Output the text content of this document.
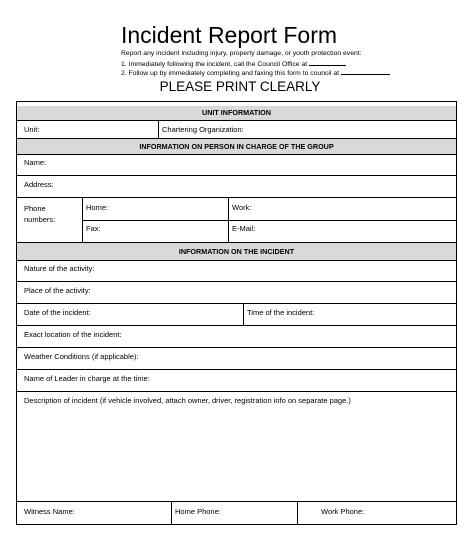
Incident Report Form
Report any incident including injury, property damage, or youth protection event:
1. Immediately following the incident, call the Council Office at
2. Follow up by immediately completing and faxing this form to council at
PLEASE PRINT CLEARLY
UNIT INFORMATION
Unit:	Chartering Organization:
INFORMATION ON PERSON IN CHARGE OF THE GROUP
Name:
Address:
Phone numbers:
Home:	Work:
Fax:	E-Mail:
INFORMATION ON THE INCIDENT
Nature of the activity:
Place of the activity:
Date of the incident:	Time of the incident:
Exact location of the incident:
Weather Conditions (if applicable):
Name of Leader in charge at the time:
Description of incident (if vehicle involved, attach owner, driver, registration info on separate page.)
Witness Name:	Home Phone:	Work Phone:
